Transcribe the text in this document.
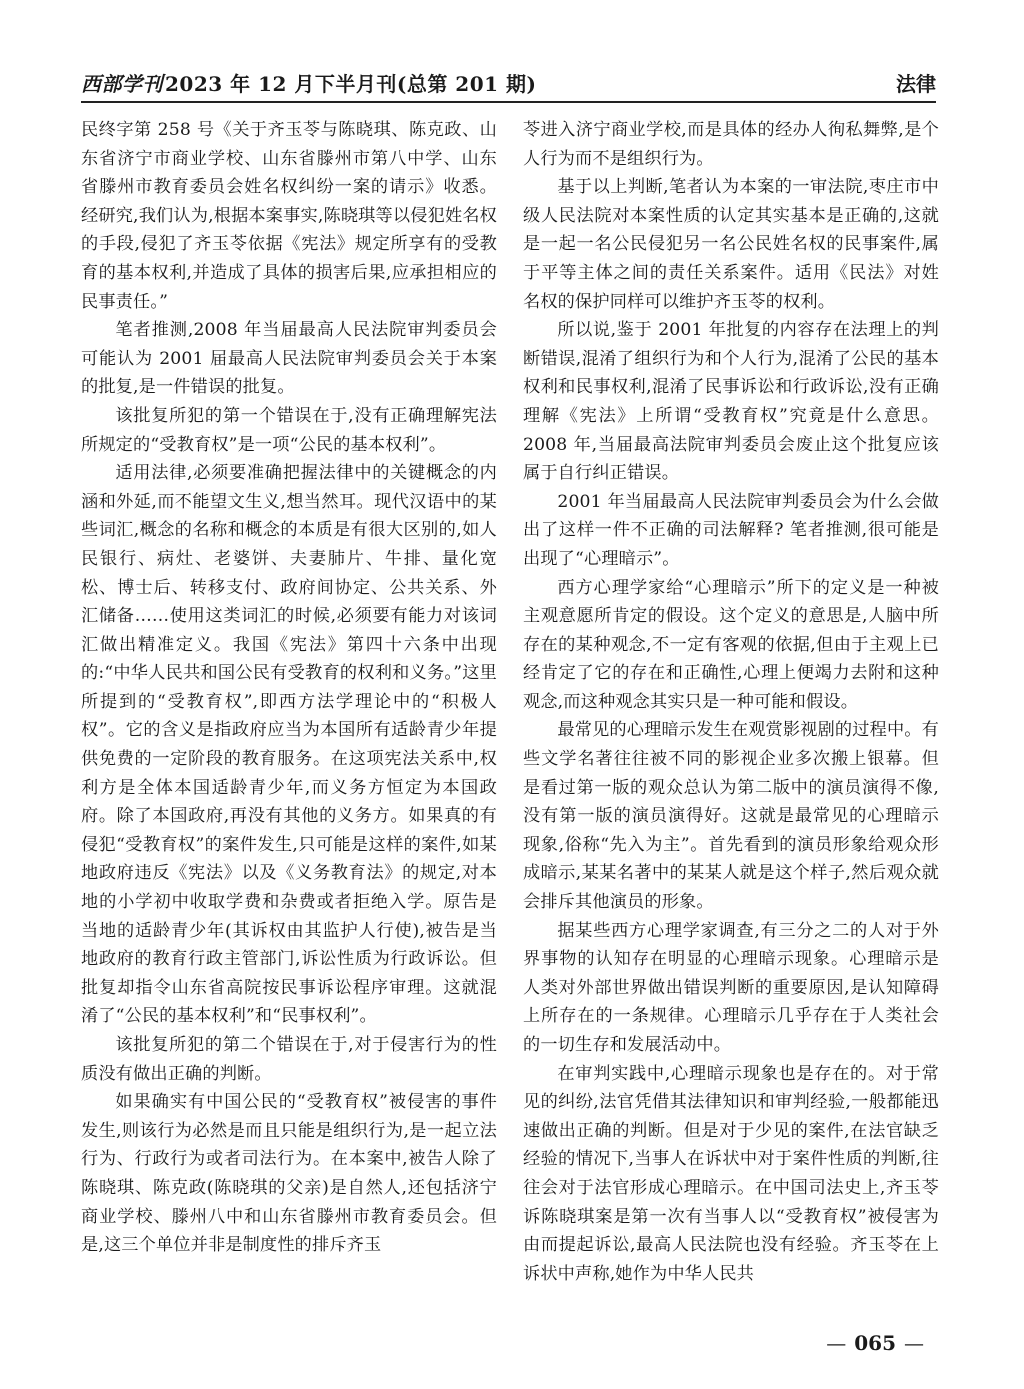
西部学刊 2023 年 12 月下半月刊(总第 201 期)	法律

民终字第 258 号《关于齐玉苓与陈晓琪、陈克政、山东省济宁市商业学校、山东省滕州市第八中学、山东省滕州市教育委员会姓名权纠纷一案的请示》收悉。经研究,我们认为,根据本案事实,陈晓琪等以侵犯姓名权的手段,侵犯了齐玉苓依据《宪法》规定所享有的受教育的基本权利,并造成了具体的损害后果,应承担相应的民事责任。”

笔者推测,2008 年当届最高人民法院审判委员会可能认为 2001 届最高人民法院审判委员会关于本案的批复,是一件错误的批复。

该批复所犯的第一个错误在于,没有正确理解宪法所规定的“受教育权”是一项“公民的基本权利”。

适用法律,必须要准确把握法律中的关键概念的内涵和外延,而不能望文生义,想当然耳。现代汉语中的某些词汇,概念的名称和概念的本质是有很大区别的,如人民银行、病灶、老婆饼、夫妻肺片、牛排、量化宽松、博士后、转移支付、政府间协定、公共关系、外汇储备……使用这类词汇的时候,必须要有能力对该词汇做出精准定义。我国《宪法》第四十六条中出现的:“中华人民共和国公民有受教育的权利和义务。”这里所提到的“受教育权”,即西方法学理论中的“积极人权”。它的含义是指政府应当为本国所有适龄青少年提供免费的一定阶段的教育服务。在这项宪法关系中,权利方是全体本国适龄青少年,而义务方恒定为本国政府。除了本国政府,再没有其他的义务方。如果真的有侵犯“受教育权”的案件发生,只可能是这样的案件,如某地政府违反《宪法》以及《义务教育法》的规定,对本地的小学初中收取学费和杂费或者拒绝入学。原告是当地的适龄青少年(其诉权由其监护人行使),被告是当地政府的教育行政主管部门,诉讼性质为行政诉讼。但批复却指令山东省高院按民事诉讼程序审理。这就混淆了“公民的基本权利”和“民事权利”。

该批复所犯的第二个错误在于,对于侵害行为的性质没有做出正确的判断。

如果确实有中国公民的“受教育权”被侵害的事件发生,则该行为必然是而且只能是组织行为,是一起立法行为、行政行为或者司法行为。在本案中,被告人除了陈晓琪、陈克政(陈晓琪的父亲)是自然人,还包括济宁商业学校、滕州八中和山东省滕州市教育委员会。但是,这三个单位并非是制度性的排斥齐玉

苓进入济宁商业学校,而是具体的经办人徇私舞弊,是个人行为而不是组织行为。

基于以上判断,笔者认为本案的一审法院,枣庄市中级人民法院对本案性质的认定其实基本是正确的,这就是一起一名公民侵犯另一名公民姓名权的民事案件,属于平等主体之间的责任关系案件。适用《民法》对姓名权的保护同样可以维护齐玉苓的权利。

所以说,鉴于 2001 年批复的内容存在法理上的判断错误,混淆了组织行为和个人行为,混淆了公民的基本权利和民事权利,混淆了民事诉讼和行政诉讼,没有正确理解《宪法》上所谓“受教育权”究竟是什么意思。2008 年,当届最高法院审判委员会废止这个批复应该属于自行纠正错误。

2001 年当届最高人民法院审判委员会为什么会做出了这样一件不正确的司法解释? 笔者推测,很可能是出现了“心理暗示”。

西方心理学家给“心理暗示”所下的定义是一种被主观意愿所肯定的假设。这个定义的意思是,人脑中所存在的某种观念,不一定有客观的依据,但由于主观上已经肯定了它的存在和正确性,心理上便竭力去附和这种观念,而这种观念其实只是一种可能和假设。

最常见的心理暗示发生在观赏影视剧的过程中。有些文学名著往往被不同的影视企业多次搬上银幕。但是看过第一版的观众总认为第二版中的演员演得不像,没有第一版的演员演得好。这就是最常见的心理暗示现象,俗称“先入为主”。首先看到的演员形象给观众形成暗示,某某名著中的某某人就是这个样子,然后观众就会排斥其他演员的形象。

据某些西方心理学家调查,有三分之二的人对于外界事物的认知存在明显的心理暗示现象。心理暗示是人类对外部世界做出错误判断的重要原因,是认知障碍上所存在的一条规律。心理暗示几乎存在于人类社会的一切生存和发展活动中。

在审判实践中,心理暗示现象也是存在的。对于常见的纠纷,法官凭借其法律知识和审判经验,一般都能迅速做出正确的判断。但是对于少见的案件,在法官缺乏经验的情况下,当事人在诉状中对于案件性质的判断,往往会对于法官形成心理暗示。在中国司法史上,齐玉苓诉陈晓琪案是第一次有当事人以“受教育权”被侵害为由而提起诉讼,最高人民法院也没有经验。齐玉苓在上诉状中声称,她作为中华人民共

— 065 —
